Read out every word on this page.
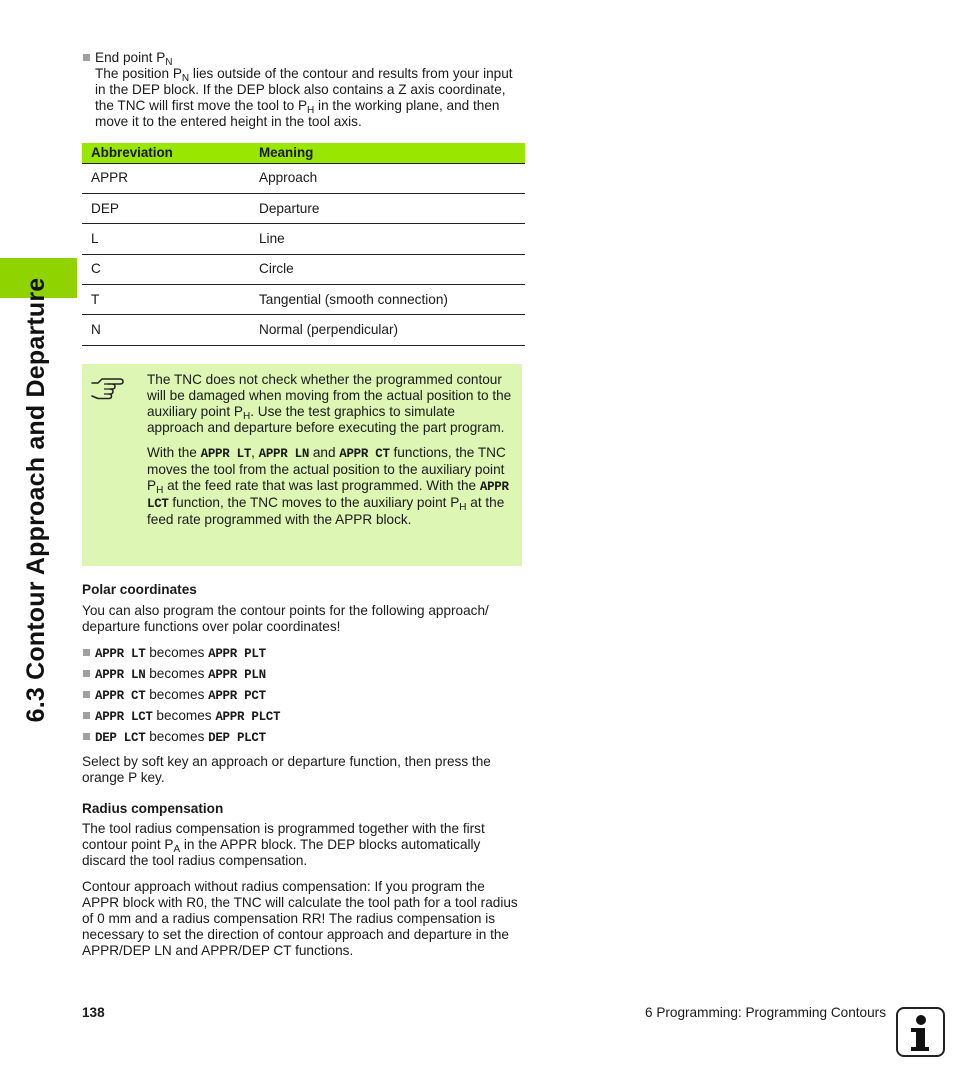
6.3 Contour Approach and Departure
End point $P_N$
The position $P_N$ lies outside of the contour and results from your input in the DEP block. If the DEP block also contains a Z axis coordinate, the TNC will first move the tool to $P_H$ in the working plane, and then move it to the entered height in the tool axis.
Abbreviation	Meaning
APPR	Approach
DEP	Departure
L	Line
C	Circle
T	Tangential (smooth connection)
N	Normal (perpendicular)

The TNC does not check whether the programmed contour will be damaged when moving from the actual position to the auxiliary point $P_H$. Use the test graphics to simulate approach and departure before executing the part program.

With the APPR LT, APPR LN and APPR CT functions, the TNC moves the tool from the actual position to the auxiliary point $P_H$ at the feed rate that was last programmed. With the APPR LCT function, the TNC moves to the auxiliary point $P_H$ at the feed rate programmed with the APPR block.

Polar coordinates
You can also program the contour points for the following approach/ departure functions over polar coordinates!
APPR LT becomes APPR PLT
APPR LN becomes APPR PLN
APPR CT becomes APPR PCT
APPR LCT becomes APPR PLCT
DEP LCT becomes DEP PLCT
Select by soft key an approach or departure function, then press the orange P key.
Radius compensation
The tool radius compensation is programmed together with the first contour point $P_A$ in the APPR block. The DEP blocks automatically discard the tool radius compensation.
Contour approach without radius compensation: If you program the APPR block with R0, the TNC will calculate the tool path for a tool radius of 0 mm and a radius compensation RR! The radius compensation is necessary to set the direction of contour approach and departure in the APPR/DEP LN and APPR/DEP CT functions.
138	6 Programming: Programming Contours
